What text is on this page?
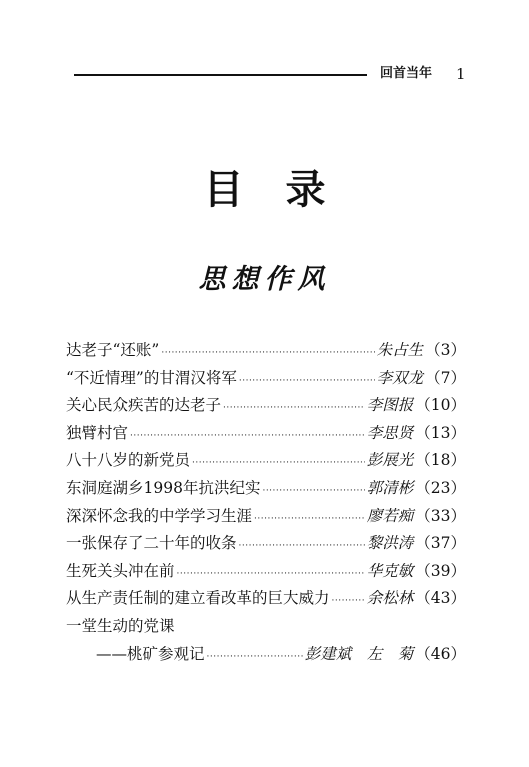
回首当年 1
目录
思想作风
达老子“还账” ·····	朱占生 （3）
“不近情理”的甘渭汉将军 ·····	李双龙 （7）
关心民众疾苦的达老子 ·····	李图报 （10）
独臂村官 ·····	李思贤 （13）
八十八岁的新党员 ·····	彭展光 （18）
东洞庭湖乡1998年抗洪纪实 ·····	郭清彬 （23）
深深怀念我的中学学习生涯 ·····	廖若痴 （33）
一张保存了二十年的收条 ·····	黎洪涛 （37）
生死关头冲在前 ·····	华克敏 （39）
从生产责任制的建立看改革的巨大威力 ····· 余松林 （43）
一堂生动的党课
——桃矿参观记 ·····	彭建斌　左　菊 （46）
